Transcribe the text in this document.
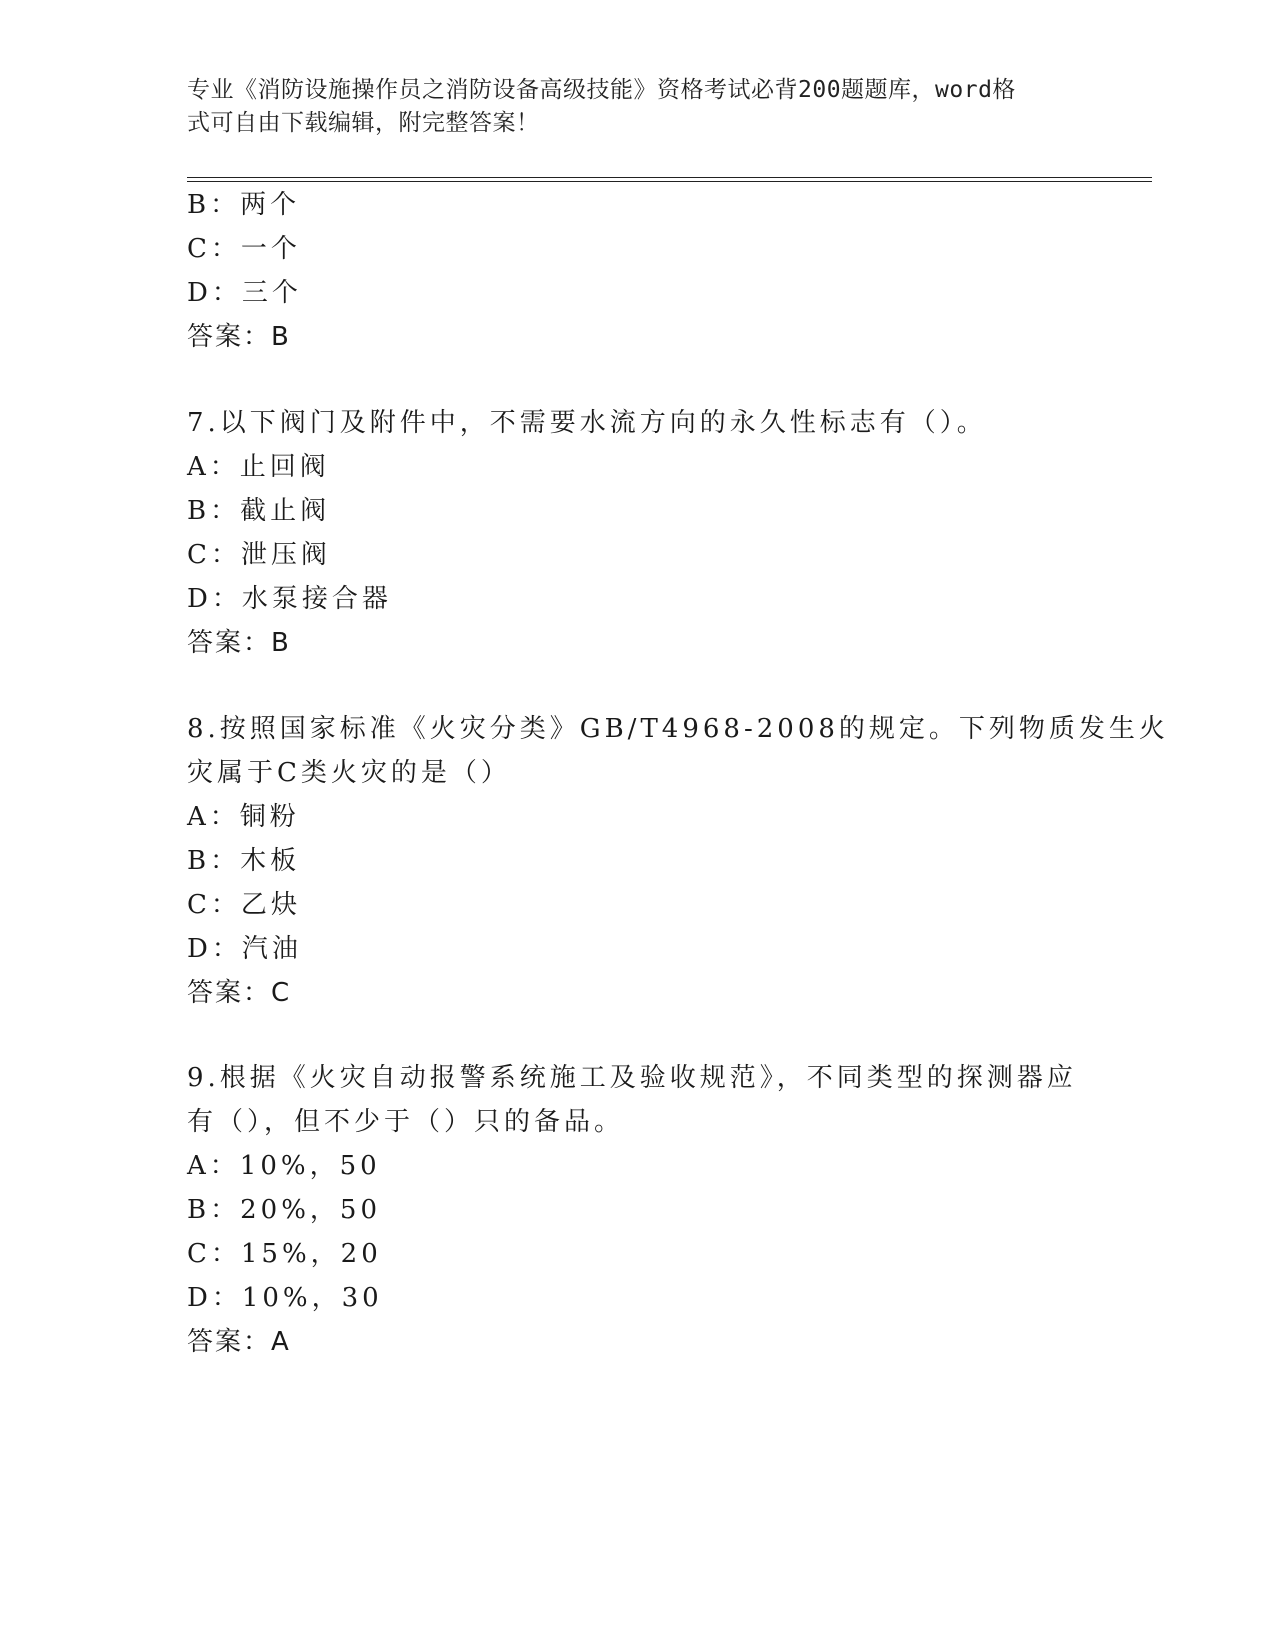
专业《消防设施操作员之消防设备高级技能》资格考试必背200题题库，word格
式可自由下载编辑，附完整答案！
B：两个
C：一个
D：三个
答案：B
7.以下阀门及附件中，不需要水流方向的永久性标志有（）。
A：止回阀
B：截止阀
C：泄压阀
D：水泵接合器
答案：B
8.按照国家标准《火灾分类》GB/T4968-2008的规定。下列物质发生火
灾属于C类火灾的是（）
A：铜粉
B：木板
C：乙炔
D：汽油
答案：C
9.根据《火灾自动报警系统施工及验收规范》，不同类型的探测器应
有（），但不少于（）只的备品。
A：10%，50
B：20%，50
C：15%，20
D：10%，30
答案：A
